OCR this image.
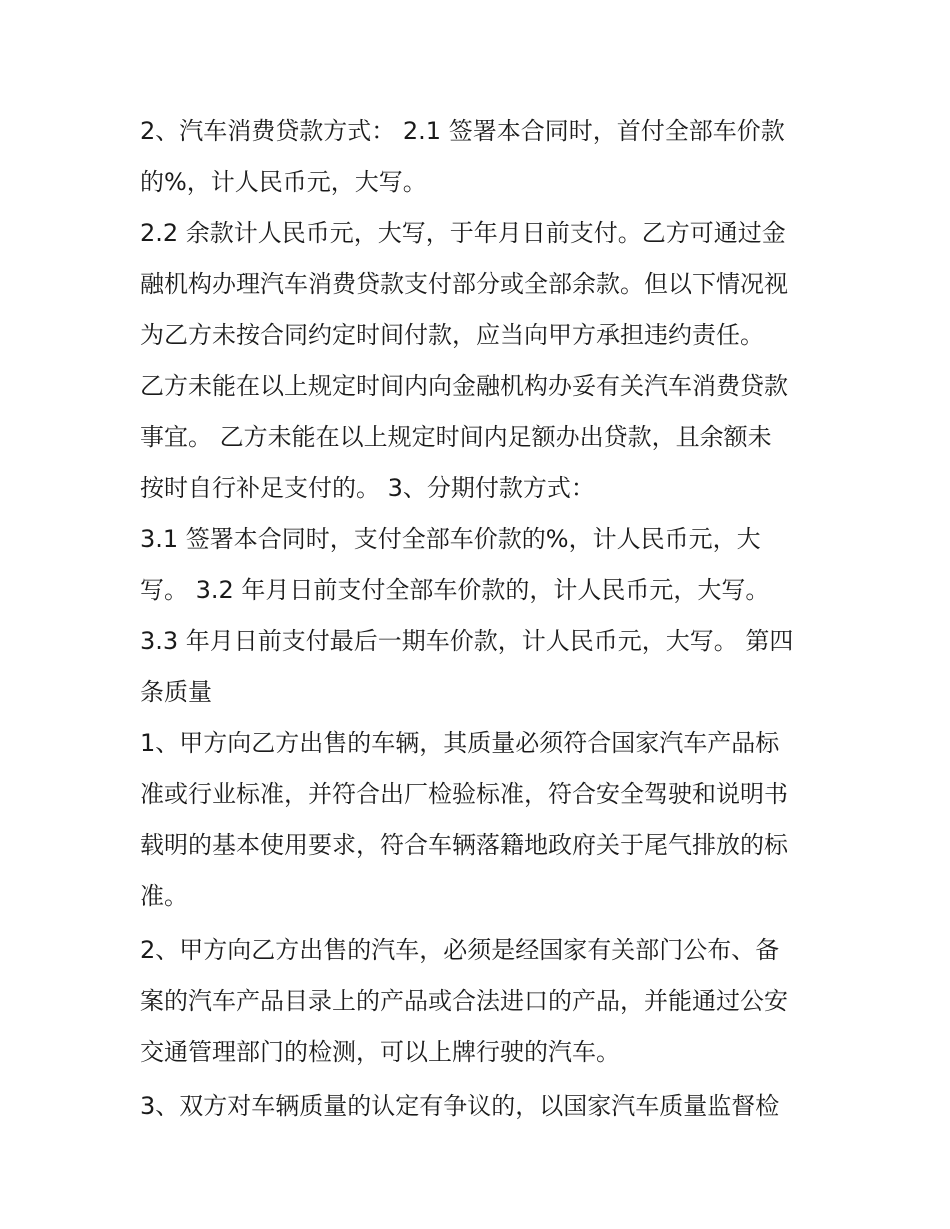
2、汽车消费贷款方式： 2.1 签署本合同时，首付全部车价款
的%，计人民币元，大写。
2.2 余款计人民币元，大写，于年月日前支付。乙方可通过金
融机构办理汽车消费贷款支付部分或全部余款。但以下情况视
为乙方未按合同约定时间付款，应当向甲方承担违约责任。
乙方未能在以上规定时间内向金融机构办妥有关汽车消费贷款
事宜。 乙方未能在以上规定时间内足额办出贷款，且余额未
按时自行补足支付的。 3、分期付款方式：
3.1 签署本合同时，支付全部车价款的%，计人民币元，大
写。 3.2 年月日前支付全部车价款的，计人民币元，大写。
3.3 年月日前支付最后一期车价款，计人民币元，大写。 第四
条质量
1、甲方向乙方出售的车辆，其质量必须符合国家汽车产品标
准或行业标准，并符合出厂检验标准，符合安全驾驶和说明书
载明的基本使用要求，符合车辆落籍地政府关于尾气排放的标
准。
2、甲方向乙方出售的汽车，必须是经国家有关部门公布、备
案的汽车产品目录上的产品或合法进口的产品，并能通过公安
交通管理部门的检测，可以上牌行驶的汽车。
3、双方对车辆质量的认定有争议的，以国家汽车质量监督检
